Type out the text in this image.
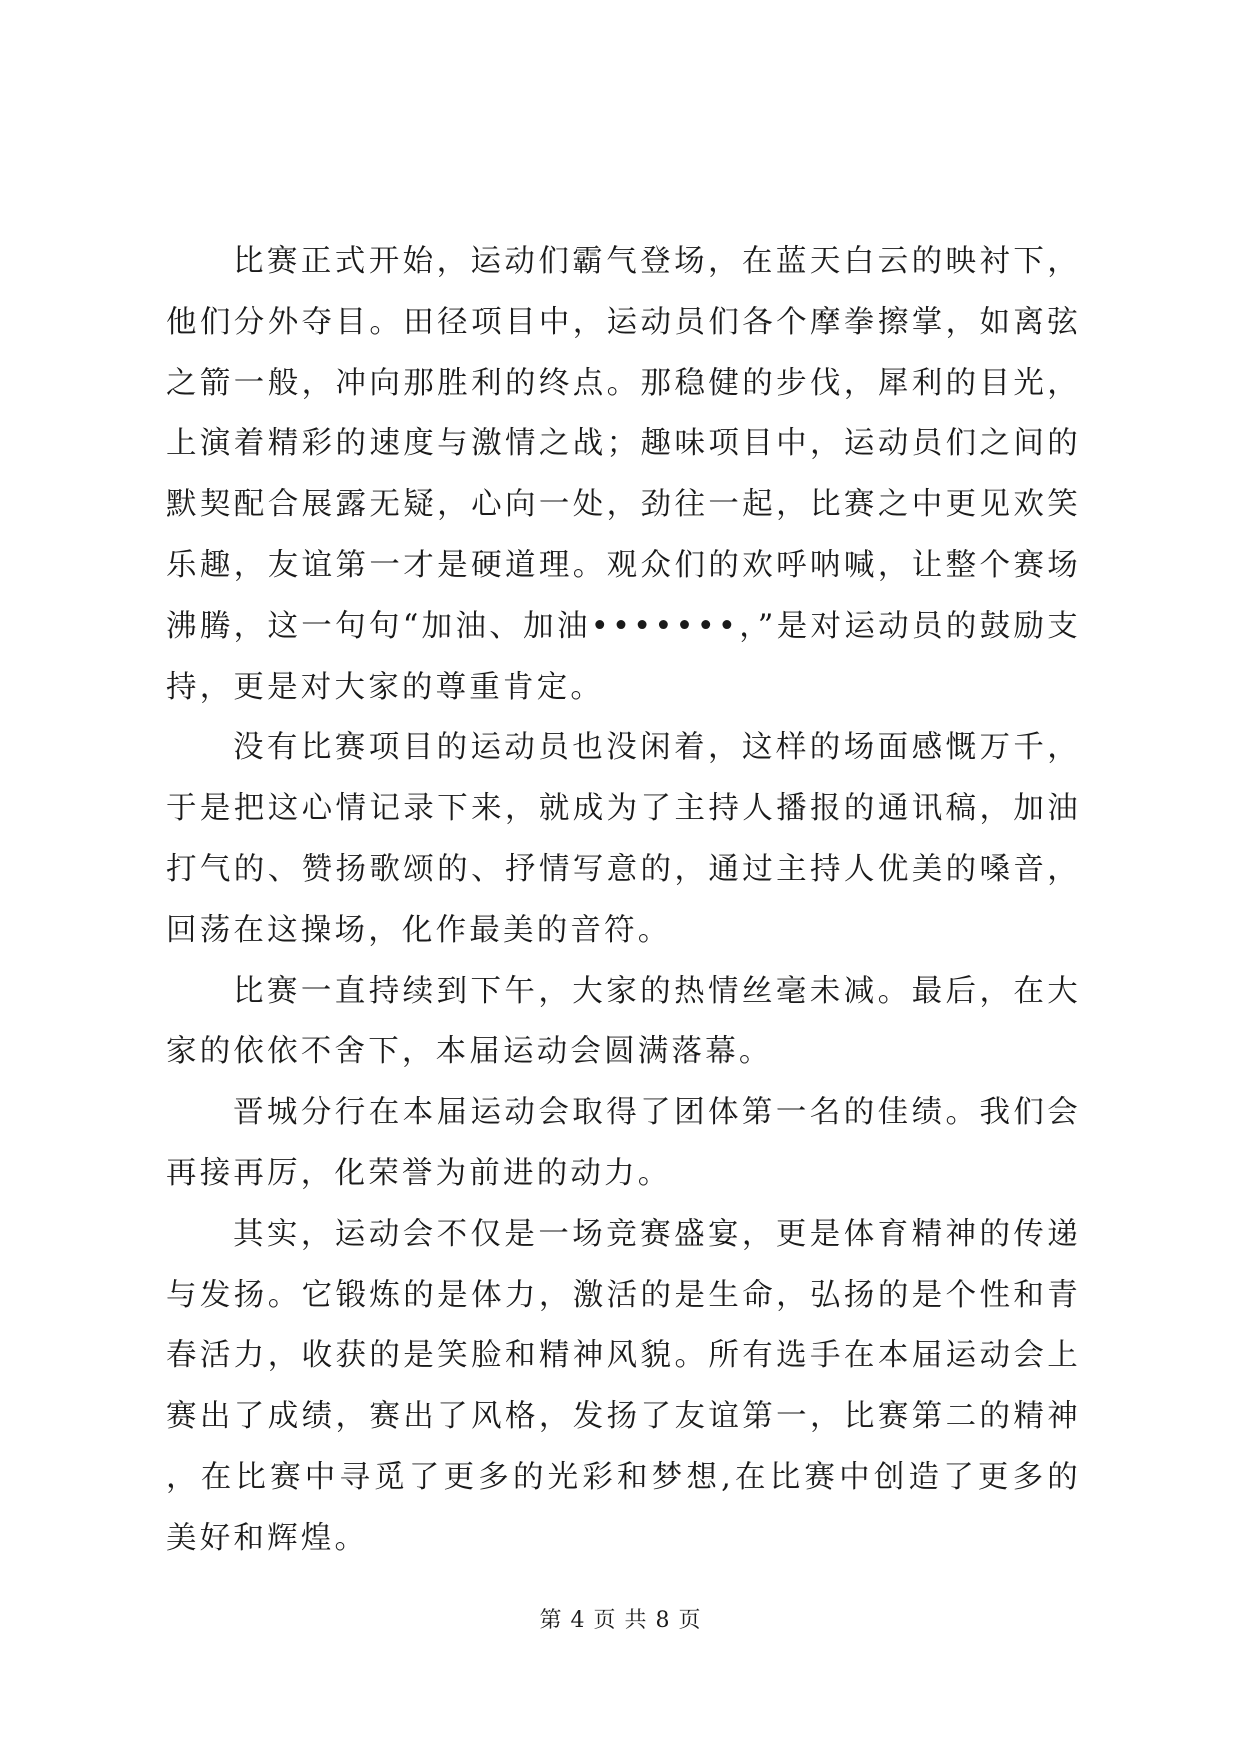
比赛正式开始，运动们霸气登场，在蓝天白云的映衬下，他们分外夺目。田径项目中，运动员们各个摩拳擦掌，如离弦之箭一般，冲向那胜利的终点。那稳健的步伐，犀利的目光，上演着精彩的速度与激情之战；趣味项目中，运动员们之间的默契配合展露无疑，心向一处，劲往一起，比赛之中更见欢笑乐趣，友谊第一才是硬道理。观众们的欢呼呐喊，让整个赛场沸腾，这一句句“加油、加油•••••••，”是对运动员的鼓励支持，更是对大家的尊重肯定。

没有比赛项目的运动员也没闲着，这样的场面感慨万千，于是把这心情记录下来，就成为了主持人播报的通讯稿，加油打气的、赞扬歌颂的、抒情写意的，通过主持人优美的嗓音，回荡在这操场，化作最美的音符。

比赛一直持续到下午，大家的热情丝毫未减。最后，在大家的依依不舍下，本届运动会圆满落幕。

晋城分行在本届运动会取得了团体第一名的佳绩。我们会再接再厉，化荣誉为前进的动力。

其实，运动会不仅是一场竞赛盛宴，更是体育精神的传递与发扬。它锻炼的是体力，激活的是生命，弘扬的是个性和青春活力，收获的是笑脸和精神风貌。所有选手在本届运动会上赛出了成绩，赛出了风格，发扬了友谊第一，比赛第二的精神，在比赛中寻觅了更多的光彩和梦想,在比赛中创造了更多的美好和辉煌。

第 4 页 共 8 页
